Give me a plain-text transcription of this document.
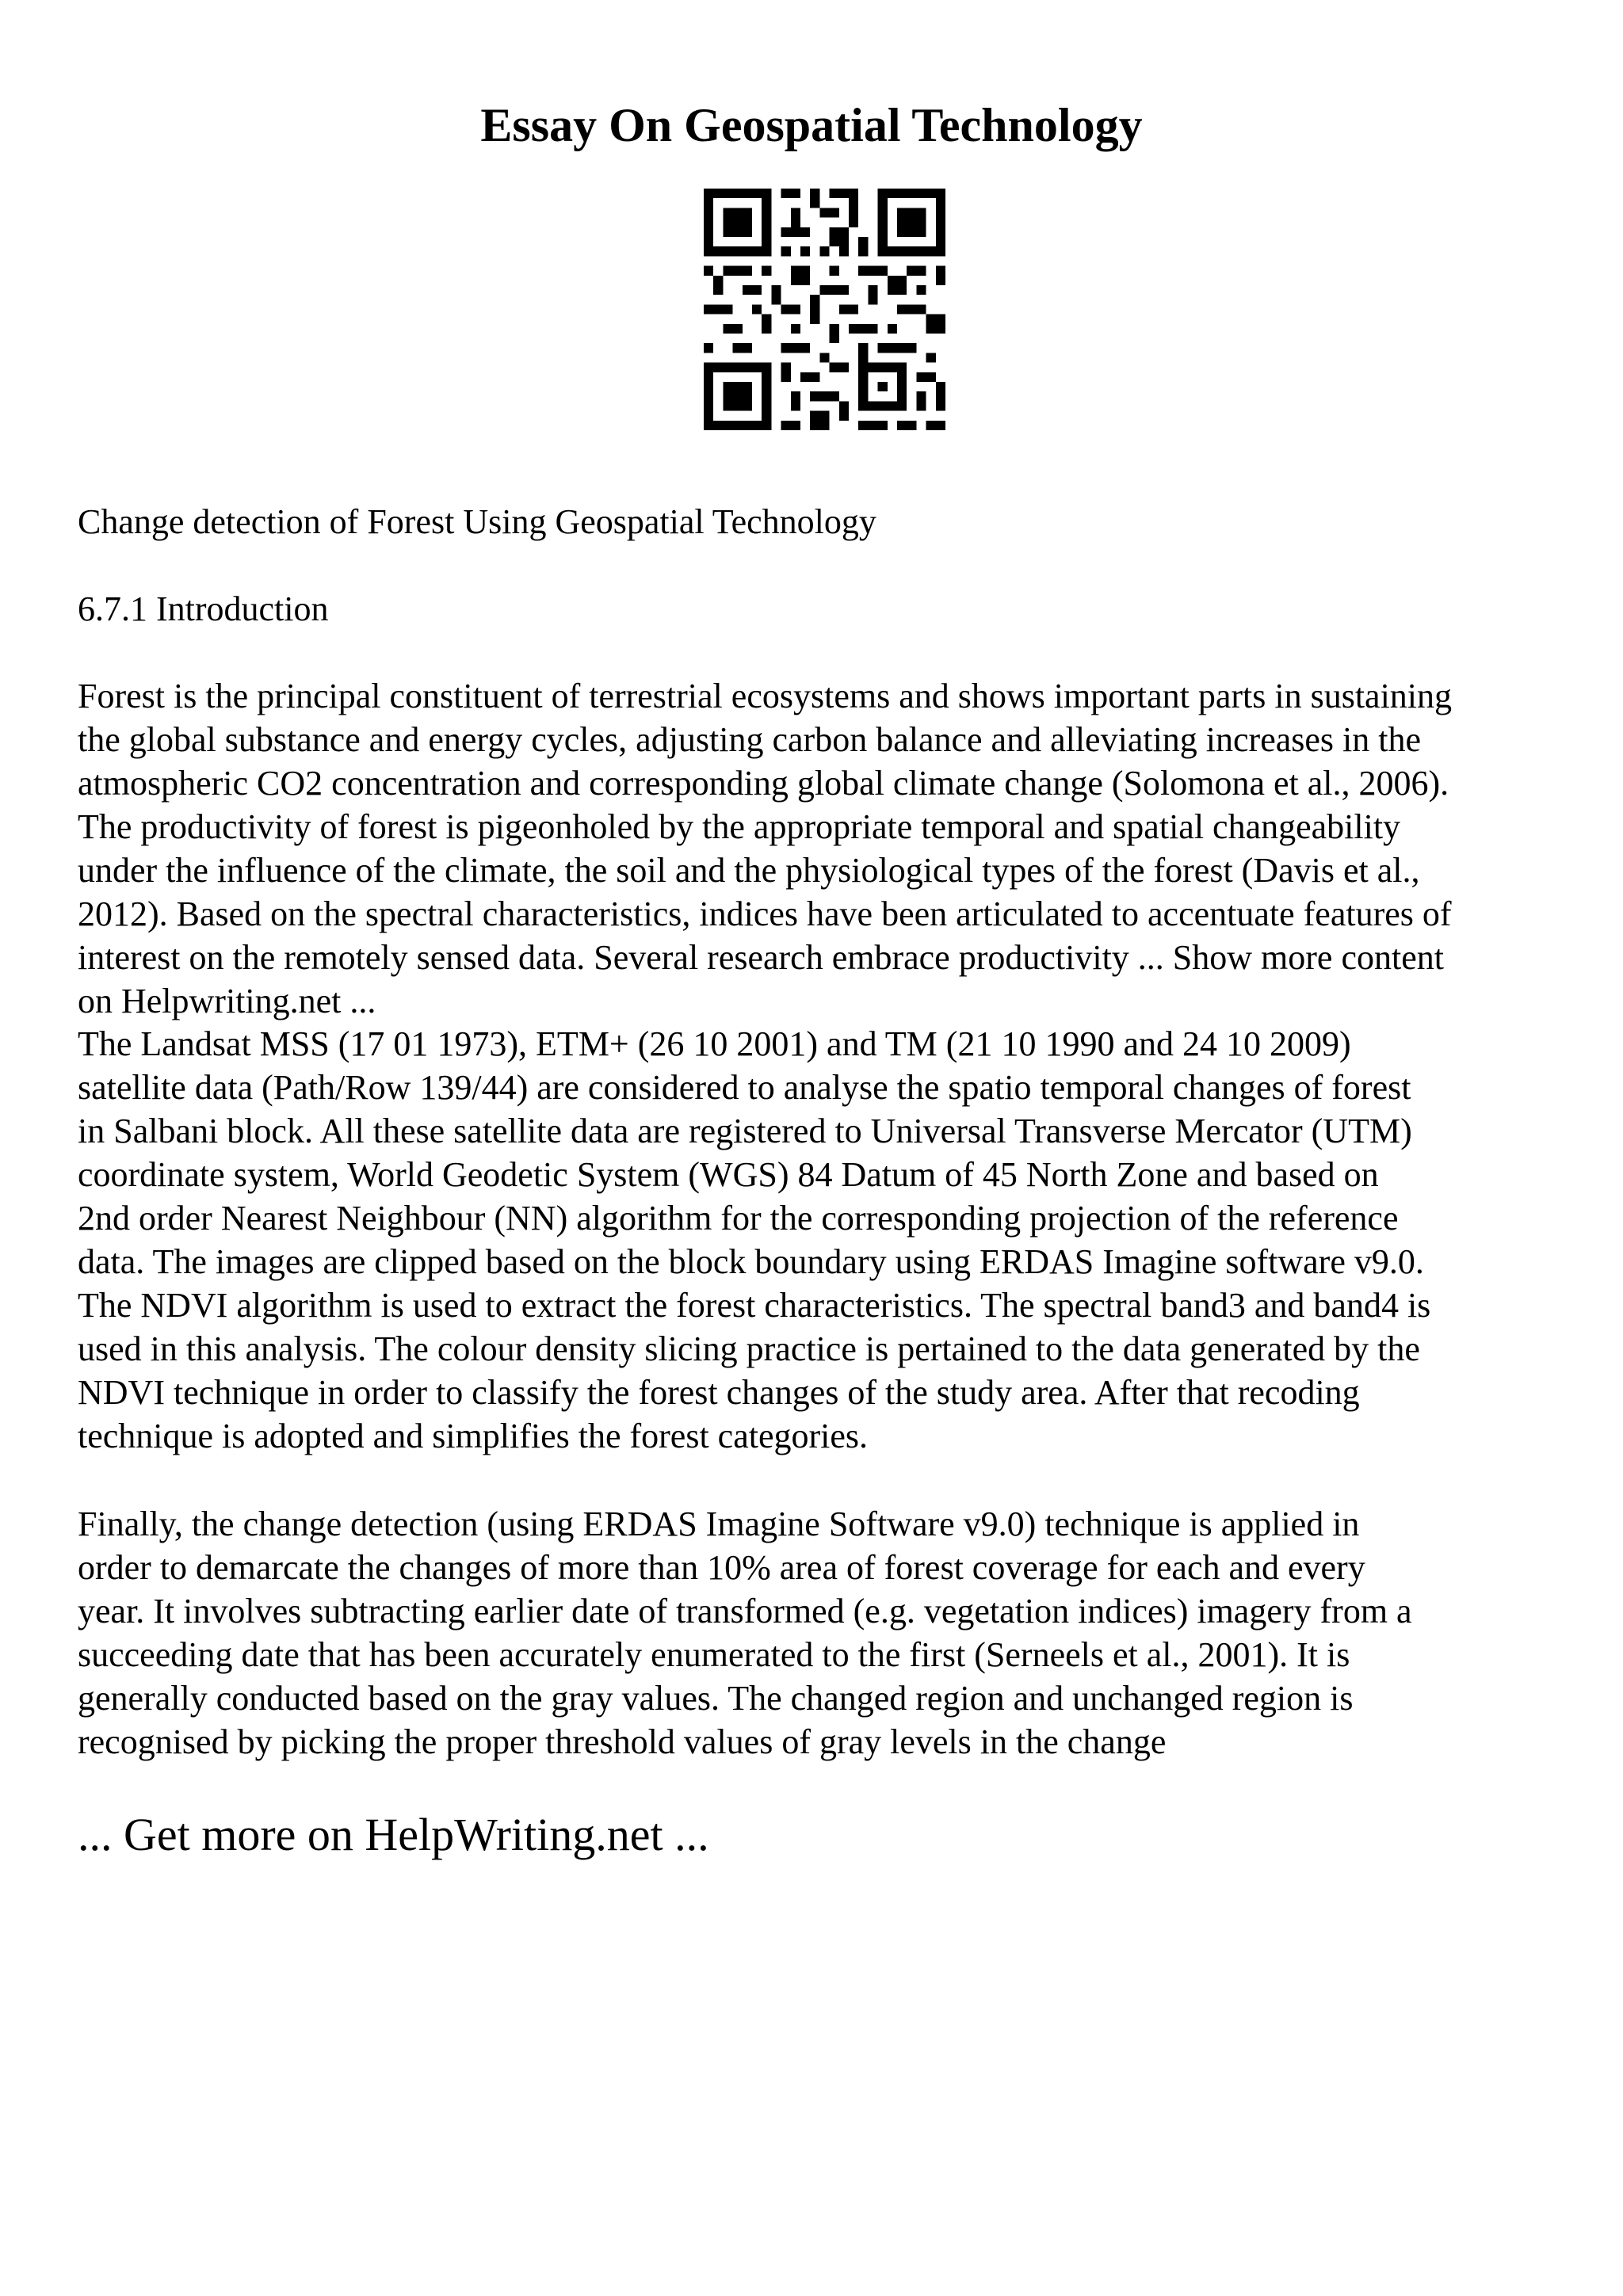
Essay On Geospatial Technology

Change detection of Forest Using Geospatial Technology

6.7.1 Introduction

Forest is the principal constituent of terrestrial ecosystems and shows important parts in sustaining
the global substance and energy cycles, adjusting carbon balance and alleviating increases in the
atmospheric CO2 concentration and corresponding global climate change (Solomona et al., 2006).

The productivity of forest is pigeonholed by the appropriate temporal and spatial changeability
under the influence of the climate, the soil and the physiological types of the forest (Davis et al.,
2012). Based on the spectral characteristics, indices have been articulated to accentuate features of
interest on the remotely sensed data. Several research embrace productivity ... Show more content
on Helpwriting.net ...

The Landsat MSS (17 01 1973), ETM+ (26 10 2001) and TM (21 10 1990 and 24 10 2009)
satellite data (Path/Row 139/44) are considered to analyse the spatio temporal changes of forest
in Salbani block. All these satellite data are registered to Universal Transverse Mercator (UTM)
coordinate system, World Geodetic System (WGS) 84 Datum of 45 North Zone and based on
2nd order Nearest Neighbour (NN) algorithm for the corresponding projection of the reference
data. The images are clipped based on the block boundary using ERDAS Imagine software v9.0.
The NDVI algorithm is used to extract the forest characteristics. The spectral band3 and band4 is
used in this analysis. The colour density slicing practice is pertained to the data generated by the
NDVI technique in order to classify the forest changes of the study area. After that recoding
technique is adopted and simplifies the forest categories.

Finally, the change detection (using ERDAS Imagine Software v9.0) technique is applied in
order to demarcate the changes of more than 10% area of forest coverage for each and every
year. It involves subtracting earlier date of transformed (e.g. vegetation indices) imagery from a
succeeding date that has been accurately enumerated to the first (Serneels et al., 2001). It is
generally conducted based on the gray values. The changed region and unchanged region is
recognised by picking the proper threshold values of gray levels in the change

... Get more on HelpWriting.net ...
